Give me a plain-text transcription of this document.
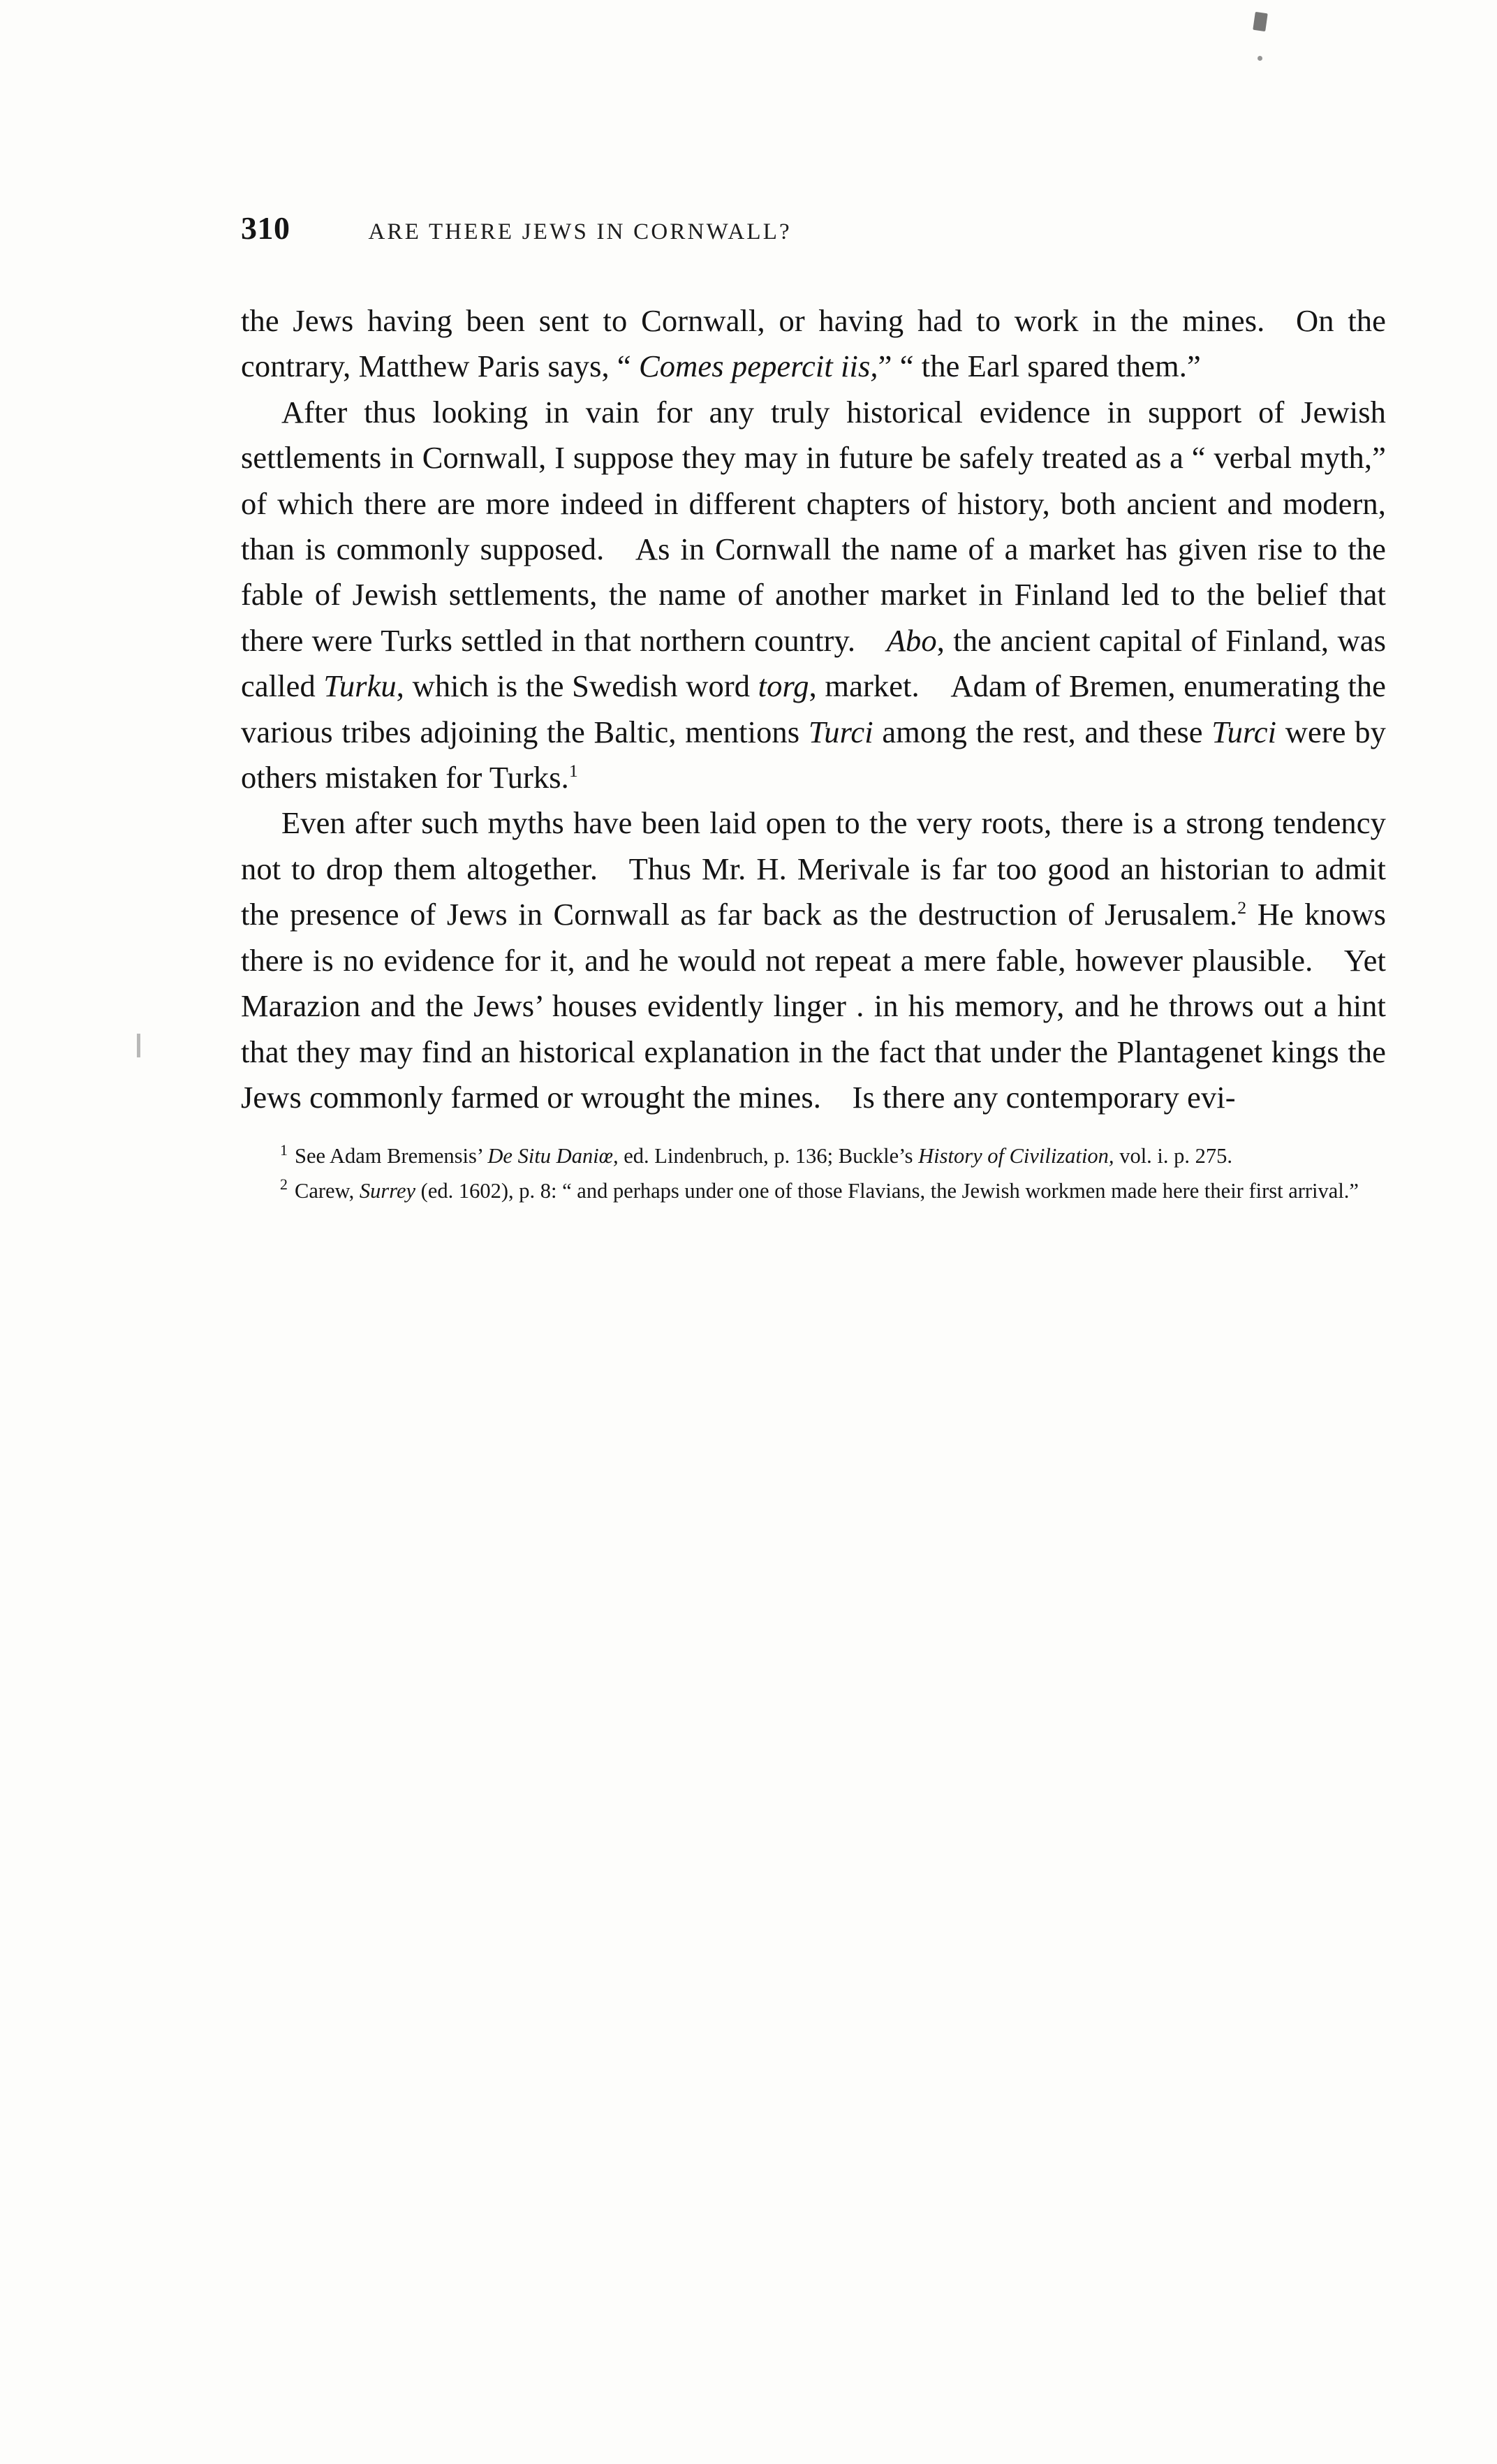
310	ARE THERE JEWS IN CORNWALL?

the Jews having been sent to Cornwall, or having had to work in the mines. On the contrary, Matthew Paris says, “ Comes pepercit iis,” “ the Earl spared them.”

After thus looking in vain for any truly historical evidence in support of Jewish settlements in Cornwall, I suppose they may in future be safely treated as a “ verbal myth,” of which there are more indeed in different chapters of history, both ancient and modern, than is commonly supposed. As in Cornwall the name of a market has given rise to the fable of Jewish settlements, the name of another market in Finland led to the belief that there were Turks settled in that northern country. Abo, the ancient capital of Finland, was called Turku, which is the Swedish word torg, market. Adam of Bremen, enumerating the various tribes adjoining the Baltic, mentions Turci among the rest, and these Turci were by others mistaken for Turks.$^1$

Even after such myths have been laid open to the very roots, there is a strong tendency not to drop them altogether. Thus Mr. H. Merivale is far too good an historian to admit the presence of Jews in Cornwall as far back as the destruction of Jerusalem.$^2$ He knows there is no evidence for it, and he would not repeat a mere fable, however plausible. Yet Marazion and the Jews’ houses evidently linger . in his memory, and he throws out a hint that they may find an historical explanation in the fact that under the Plantagenet kings the Jews commonly farmed or wrought the mines. Is there any contemporary evi-

$^1$ See Adam Bremensis’ De Situ Daniœ, ed. Lindenbruch, p. 136; Buckle’s History of Civilization, vol. i. p. 275.

$^2$ Carew, Surrey (ed. 1602), p. 8: “ and perhaps under one of those Flavians, the Jewish workmen made here their first arrival.”
